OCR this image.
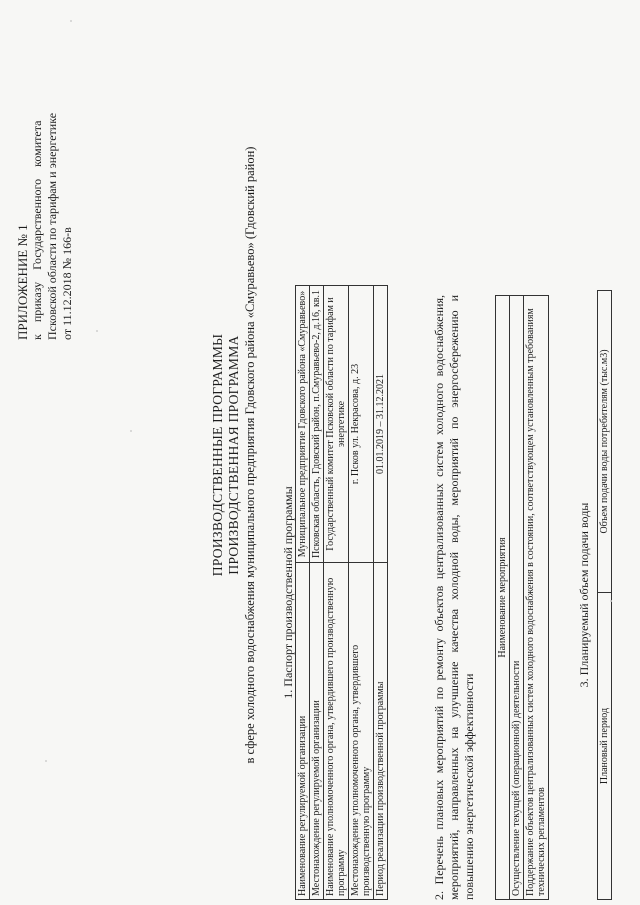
ПРИЛОЖЕНИЕ № 1 к    приказу    Государственного    комитета Псковской области по тарифам и энергетике от 11.12.2018 № 166-в
ПРОИЗВОДСТВЕННЫЕ ПРОГРАММЫ ПРОИЗВОДСТВЕННАЯ ПРОГРАММА в сфере холодного водоснабжения муниципального предприятия Гдовского района «Смуравьево» (Гдовский район) 1. Паспорт производственной программы
Наименование регулируемой организации	Муниципальное предприятие Гдовского района «Смуравьево»
Местонахождение регулируемой организации	Псковская область, Гдовский район, п.Смуравьево-2, д.16, кв.1
Наименование уполномоченного органа, утвердившего производственную программу	Государственный комитет Псковской области по тарифам и энергетике
Местонахождение уполномоченного органа, утвердившего производственную программу	г. Псков ул. Некрасова, д. 23
Период реализации производственной программы	01.01.2019 – 31.12.2021	2. Перечень плановых мероприятий по ремонту объектов централизованных систем холодного водоснабжения, мероприятий, направленных на улучшение качества холодной воды, мероприятий по энергосбережению и повышению энергетической эффективности
Наименование мероприятия
Осуществление текущей (операционной) деятельности
Поддержание объектов централизованных систем холодного водоснабжения в состоянии, соответствующем установленным требованиям технических регламентов
3. Планируемый объем подачи воды
Плановый период	Объем подачи воды потребителям (тыс.м3)
